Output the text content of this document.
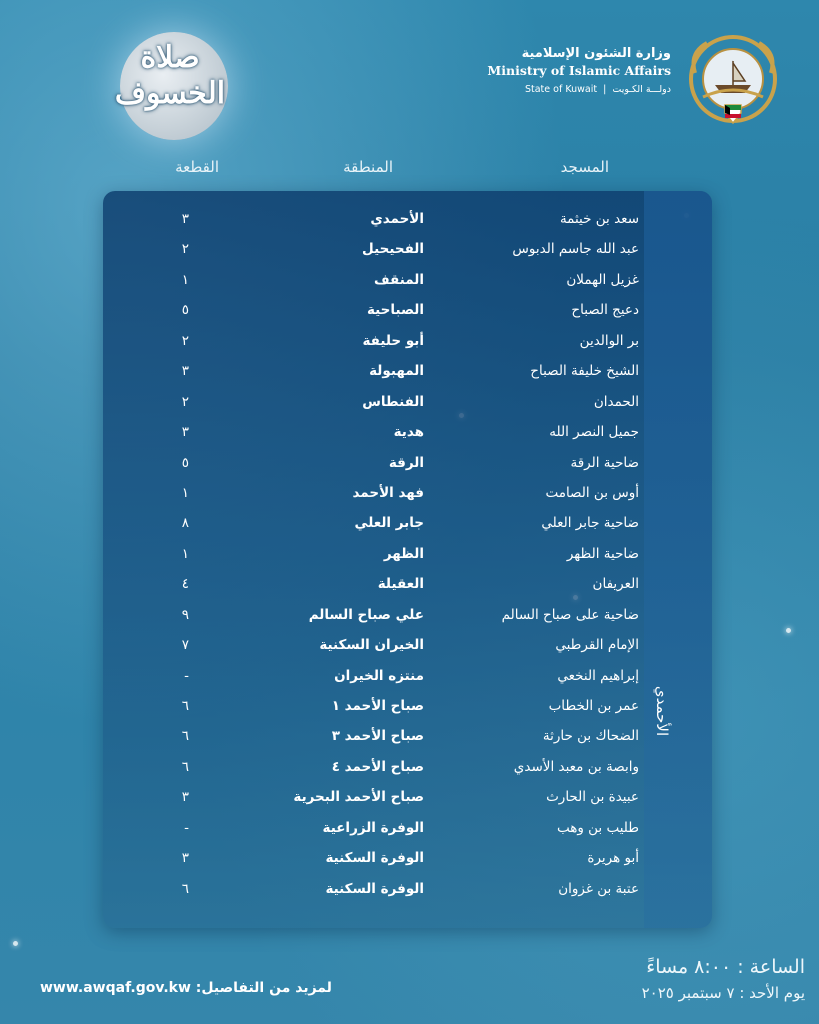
صلاة
الخسوف
وزارة الشئون الإسلامية
Ministry of Islamic Affairs
State of Kuwait  |  دولـــة الكـويت
المسجد
المنطقة
القطعة
الأحمدي
سعد بن خيثمة
الأحمدي
٣
عبد الله جاسم الدبوس
الفحيحيل
٢
غزيل الهملان
المنقف
١
دعيج الصباح
الصباحية
٥
بر الوالدين
أبو حليفة
٢
الشيخ خليفة الصباح
المهبولة
٣
الحمدان
الفنطاس
٢
جميل النصر الله
هدية
٣
ضاحية الرقة
الرقة
٥
أوس بن الصامت
فهد الأحمد
١
ضاحية جابر العلي
جابر العلي
٨
ضاحية الظهر
الظهر
١
العريفان
العقيلة
٤
ضاحية على صباح السالم
علي صباح السالم
٩
الإمام القرطبي
الخيران السكنية
٧
إبراهيم النخعي
منتزه الخيران
-
عمر بن الخطاب
صباح الأحمد ١
٦
الضحاك بن حارثة
صباح الأحمد ٣
٦
وابصة بن معبد الأسدي
صباح الأحمد ٤
٦
عبيدة بن الحارث
صباح الأحمد البحرية
٣
طليب بن وهب
الوفرة الزراعية
-
أبو هريرة
الوفرة السكنية
٣
عتبة بن غزوان
الوفرة السكنية
٦
الساعة : ٨:٠٠ مساءً
يوم الأحد : ٧ سبتمبر ٢٠٢٥
www.awqaf.gov.kw لمزيد من التفاصيل:
